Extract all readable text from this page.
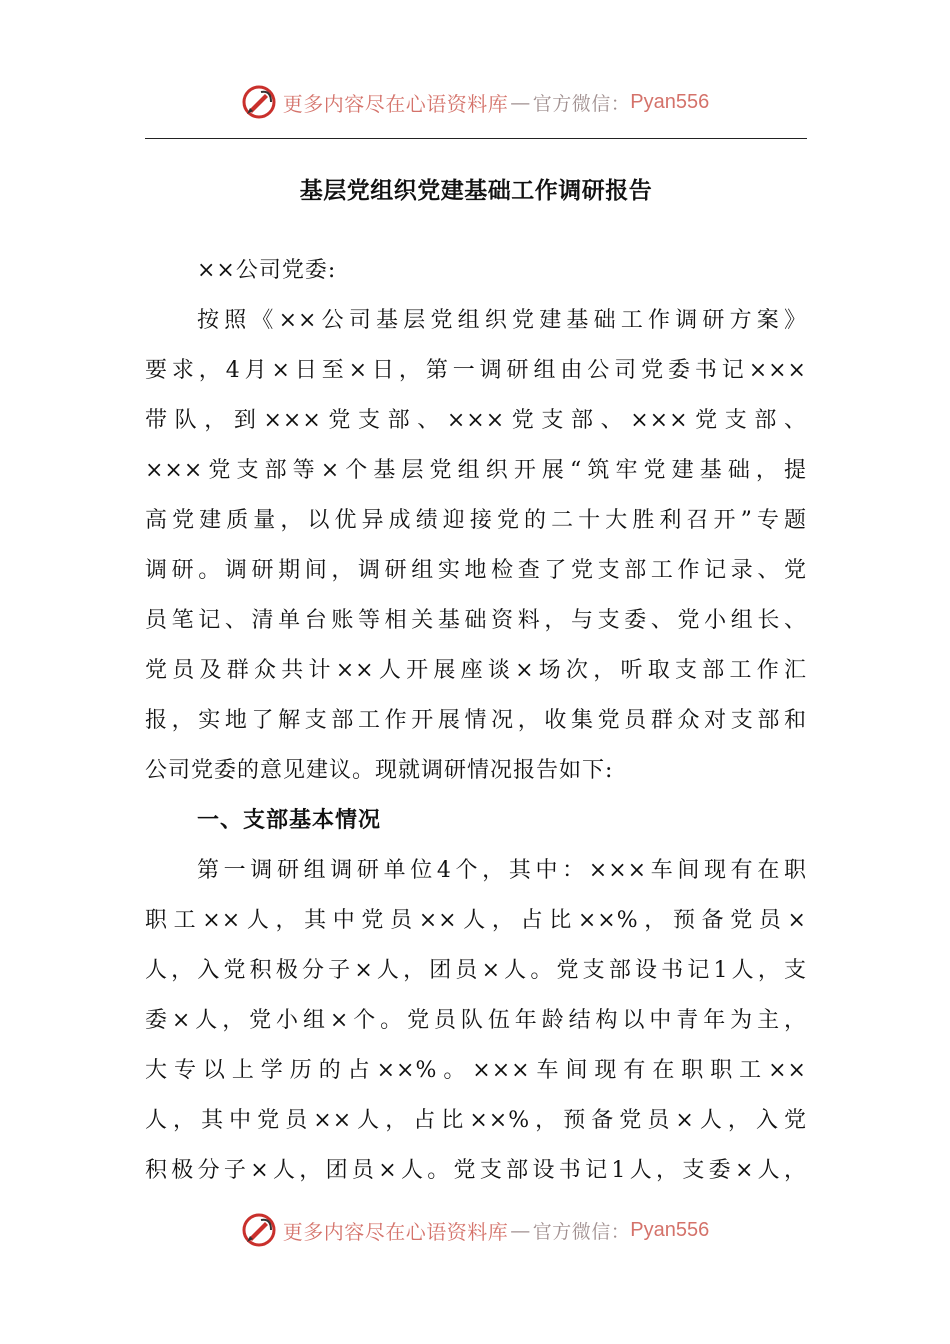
更多内容尽在心语资料库 — 官方微信： Pyan556
基层党组织党建基础工作调研报告
××公司党委:
按照《××公司基层党组织党建基础工作调研方案》
要求，4月×日至×日，第一调研组由公司党委书记×××
带队，到×××党支部、×××党支部、×××党支部、
×××党支部等×个基层党组织开展“筑牢党建基础，提
高党建质量，以优异成绩迎接党的二十大胜利召开”专题
调研。调研期间，调研组实地检查了党支部工作记录、党
员笔记、清单台账等相关基础资料，与支委、党小组长、
党员及群众共计××人开展座谈×场次，听取支部工作汇
报，实地了解支部工作开展情况，收集党员群众对支部和
公司党委的意见建议。现就调研情况报告如下:
一、支部基本情况
第一调研组调研单位4个，其中：×××车间现有在职
职工××人，其中党员××人，占比××%，预备党员×
人，入党积极分子×人，团员×人。党支部设书记1人，支
委×人，党小组×个。党员队伍年龄结构以中青年为主，
大专以上学历的占××%。×××车间现有在职职工××
人，其中党员××人，占比××%，预备党员×人，入党
积极分子×人，团员×人。党支部设书记1人，支委×人，
更多内容尽在心语资料库 — 官方微信： Pyan556
